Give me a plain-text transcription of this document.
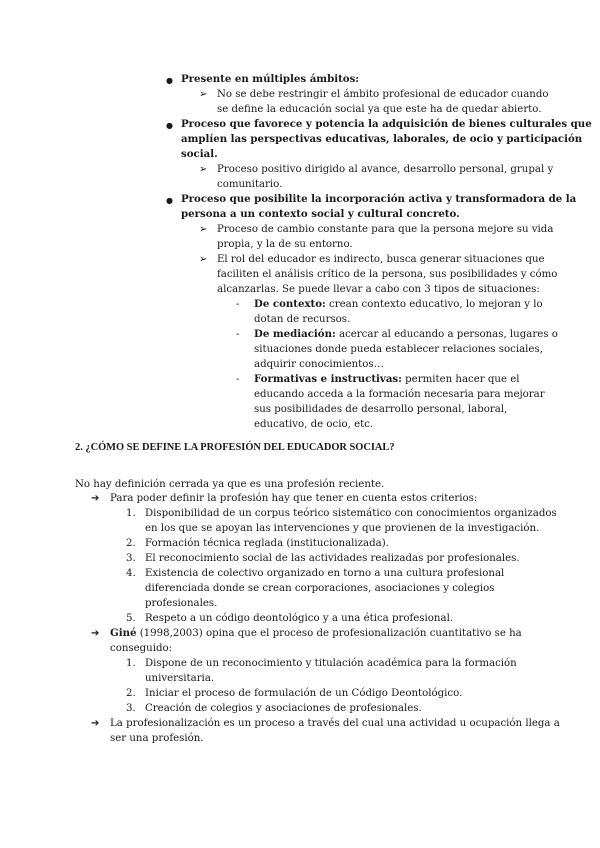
● Presente en múltiples ámbitos:
➢ No se debe restringir el ámbito profesional de educador cuando
se define la educación social ya que este ha de quedar abierto.
● Proceso que favorece y potencia la adquisición de bienes culturales que
amplíen las perspectivas educativas, laborales, de ocio y participación
social.
➢ Proceso positivo dirigido al avance, desarrollo personal, grupal y
comunitario.
● Proceso que posibilite la incorporación activa y transformadora de la
persona a un contexto social y cultural concreto.
➢ Proceso de cambio constante para que la persona mejore su vida
propia, y la de su entorno.
➢ El rol del educador es indirecto, busca generar situaciones que
faciliten el análisis crítico de la persona, sus posibilidades y cómo
alcanzarlas. Se puede llevar a cabo con 3 tipos de situaciones:
- De contexto: crean contexto educativo, lo mejoran y lo
dotan de recursos.
- De mediación: acercar al educando a personas, lugares o
situaciones donde pueda establecer relaciones sociales,
adquirir conocimientos…
- Formativas e instructivas: permiten hacer que el
educando acceda a la formación necesaria para mejorar
sus posibilidades de desarrollo personal, laboral,
educativo, de ocio, etc.
2. ¿CÓMO SE DEFINE LA PROFESIÓN DEL EDUCADOR SOCIAL?
No hay definición cerrada ya que es una profesión reciente.
➔ Para poder definir la profesión hay que tener en cuenta estos criterios:
1. Disponibilidad de un corpus teórico sistemático con conocimientos organizados
en los que se apoyan las intervenciones y que provienen de la investigación.
2. Formación técnica reglada (institucionalizada).
3. El reconocimiento social de las actividades realizadas por profesionales.
4. Existencia de colectivo organizado en torno a una cultura profesional
diferenciada donde se crean corporaciones, asociaciones y colegios
profesionales.
5. Respeto a un código deontológico y a una ética profesional.
➔ Giné (1998,2003) opina que el proceso de profesionalización cuantitativo se ha
conseguido:
1. Dispone de un reconocimiento y titulación académica para la formación
universitaria.
2. Iniciar el proceso de formulación de un Código Deontológico.
3. Creación de colegios y asociaciones de profesionales.
➔ La profesionalización es un proceso a través del cual una actividad u ocupación llega a
ser una profesión.
